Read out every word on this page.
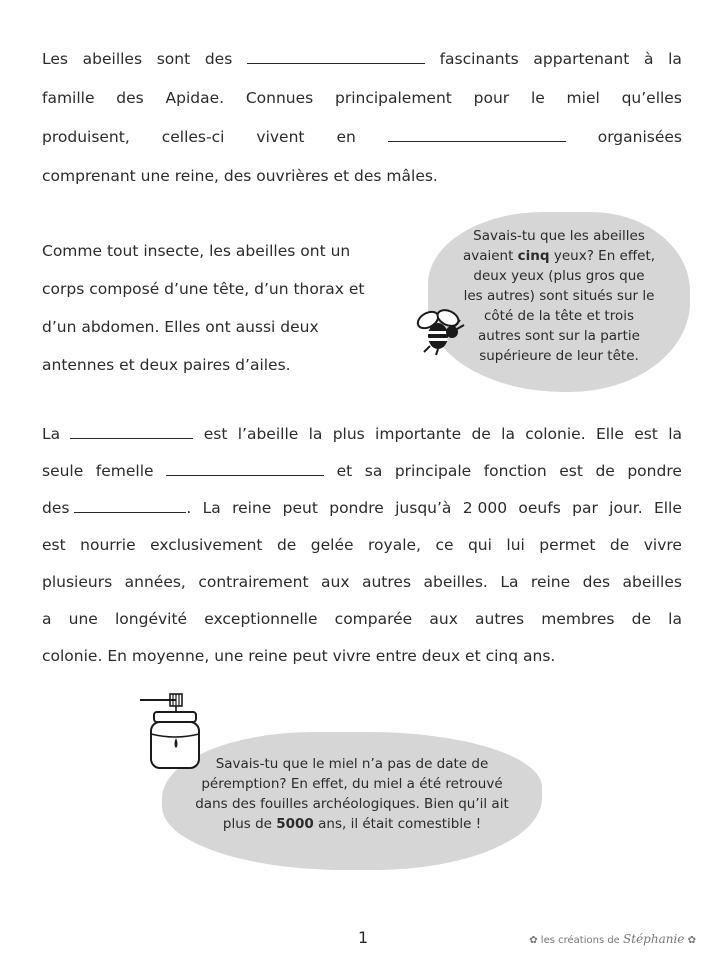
Les abeilles sont des	fascinants appartenant à la
famille des Apidae. Connues principalement pour le miel qu’elles
produisent, celles-ci vivent en	organisées
comprenant une reine, des ouvrières et des mâles.
Comme tout insecte, les abeilles ont un
corps composé d’une tête, d’un thorax et
d’un abdomen. Elles ont aussi deux
antennes et deux paires d’ailes.
Savais-tu que les abeilles
avaient cinq yeux? En effet,
deux yeux (plus gros que
les autres) sont situés sur le
côté de la tête et trois
autres sont sur la partie
supérieure de leur tête.
La	est l’abeille la plus importante de la colonie. Elle est la
seule femelle	et sa principale fonction est de pondre
des	. La reine peut pondre jusqu’à 2 000 oeufs par jour. Elle
est nourrie exclusivement de gelée royale, ce qui lui permet de vivre
plusieurs années, contrairement aux autres abeilles. La reine des abeilles
a une longévité exceptionnelle comparée aux autres membres de la
colonie. En moyenne, une reine peut vivre entre deux et cinq ans.
Savais-tu que le miel n’a pas de date de
péremption? En effet, du miel a été retrouvé
dans des fouilles archéologiques. Bien qu’il ait
plus de 5000 ans, il était comestible !
1	✿ les créations de Stéphanie ✿
